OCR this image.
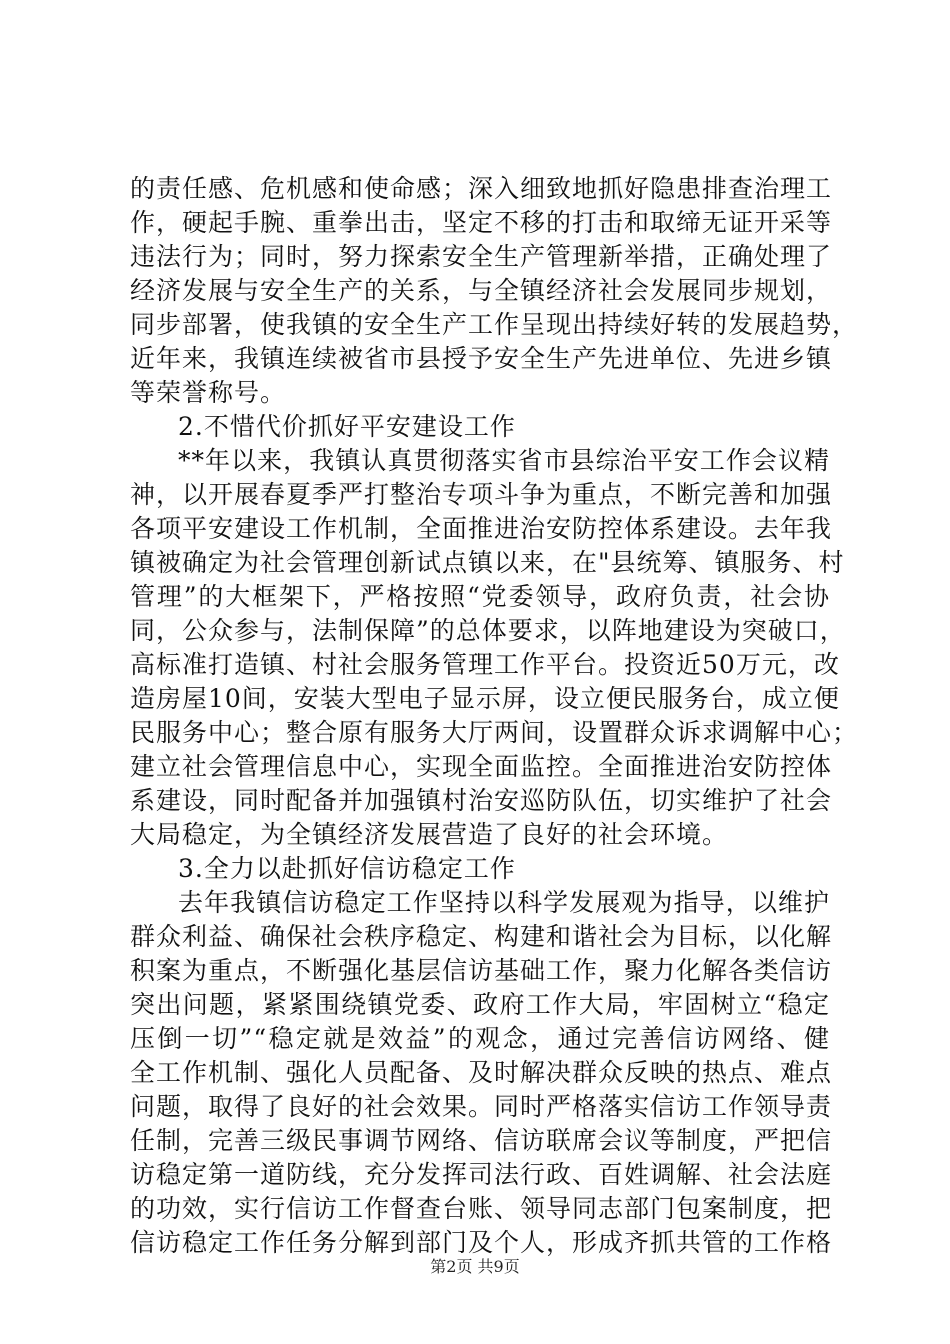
的责任感、危机感和使命感；深入细致地抓好隐患排查治理工
作，硬起手腕、重拳出击，坚定不移的打击和取缔无证开采等
违法行为；同时，努力探索安全生产管理新举措，正确处理了
经济发展与安全生产的关系，与全镇经济社会发展同步规划，
同步部署，使我镇的安全生产工作呈现出持续好转的发展趋势，
近年来，我镇连续被省市县授予安全生产先进单位、先进乡镇
等荣誉称号。
2.不惜代价抓好平安建设工作
**年以来，我镇认真贯彻落实省市县综治平安工作会议精
神，以开展春夏季严打整治专项斗争为重点，不断完善和加强
各项平安建设工作机制，全面推进治安防控体系建设。去年我
镇被确定为社会管理创新试点镇以来，在"县统筹、镇服务、村
管理”的大框架下，严格按照“党委领导，政府负责，社会协
同，公众参与，法制保障”的总体要求，以阵地建设为突破口，
高标准打造镇、村社会服务管理工作平台。投资近50万元，改
造房屋10间，安装大型电子显示屏，设立便民服务台，成立便
民服务中心；整合原有服务大厅两间，设置群众诉求调解中心；
建立社会管理信息中心，实现全面监控。全面推进治安防控体
系建设，同时配备并加强镇村治安巡防队伍，切实维护了社会
大局稳定，为全镇经济发展营造了良好的社会环境。
3.全力以赴抓好信访稳定工作
去年我镇信访稳定工作坚持以科学发展观为指导，以维护
群众利益、确保社会秩序稳定、构建和谐社会为目标，以化解
积案为重点，不断强化基层信访基础工作，聚力化解各类信访
突出问题，紧紧围绕镇党委、政府工作大局，牢固树立“稳定
压倒一切”“稳定就是效益”的观念，通过完善信访网络、健
全工作机制、强化人员配备、及时解决群众反映的热点、难点
问题，取得了良好的社会效果。同时严格落实信访工作领导责
任制，完善三级民事调节网络、信访联席会议等制度，严把信
访稳定第一道防线，充分发挥司法行政、百姓调解、社会法庭
的功效，实行信访工作督查台账、领导同志部门包案制度，把
信访稳定工作任务分解到部门及个人，形成齐抓共管的工作格
第2页 共9页
